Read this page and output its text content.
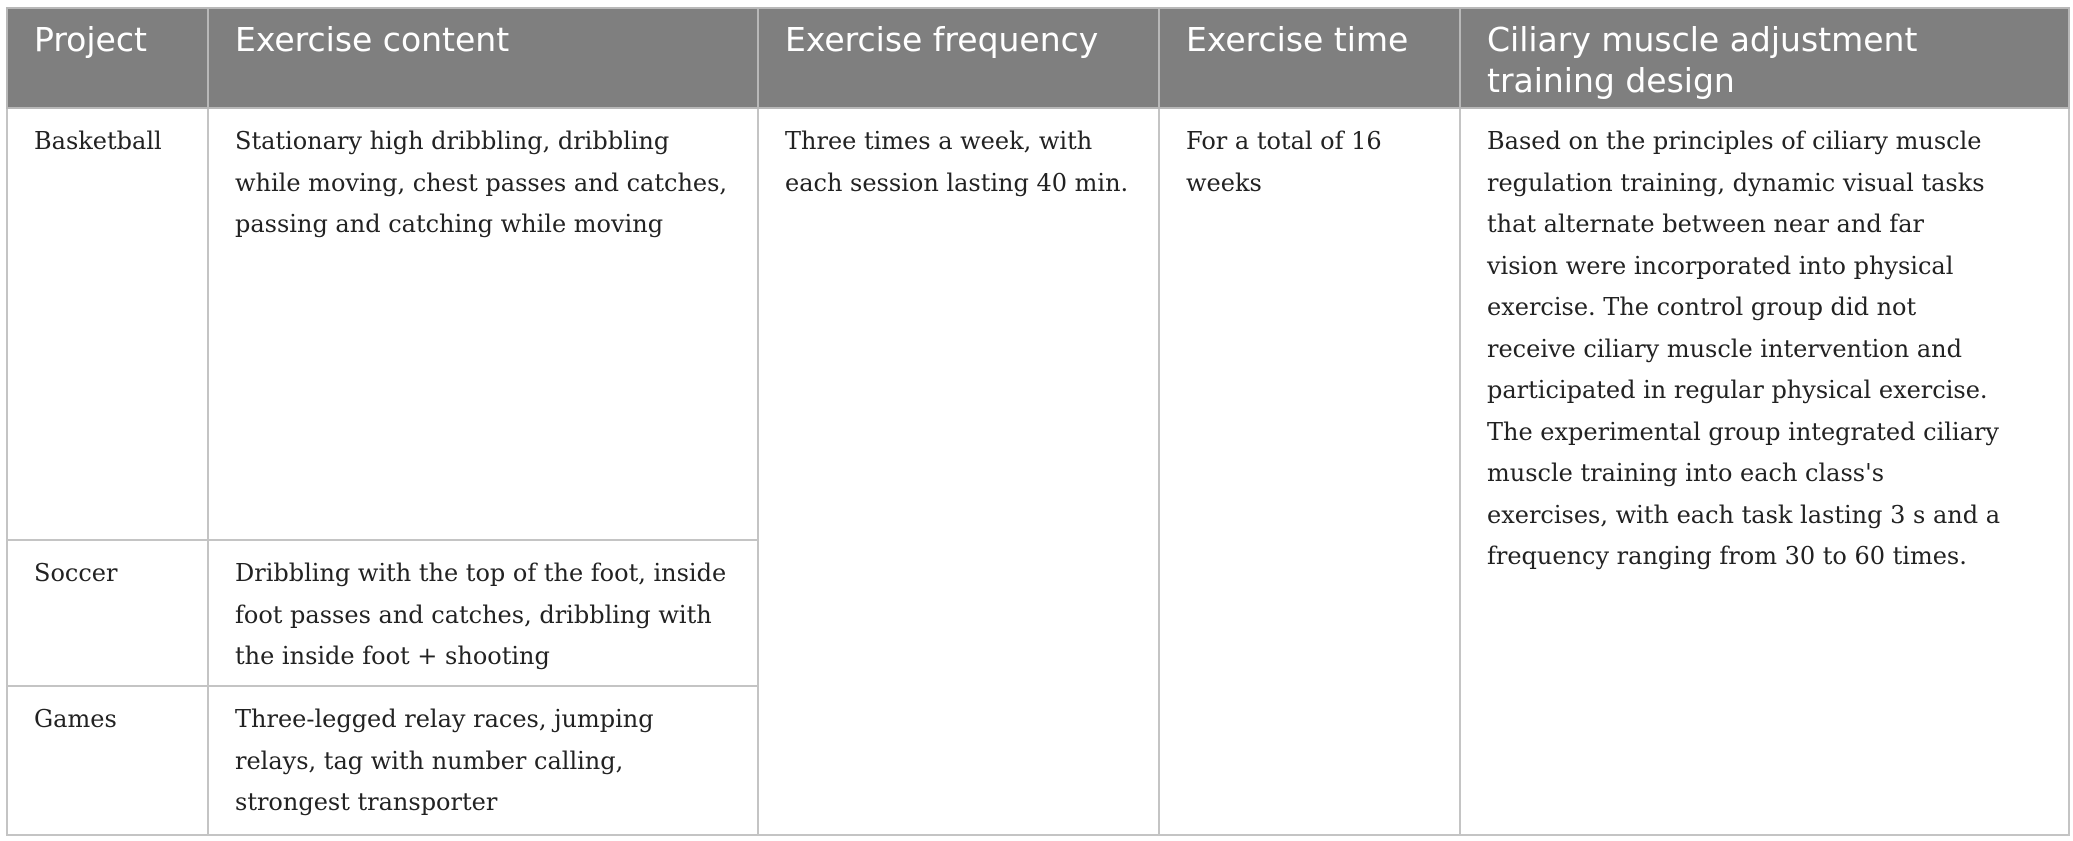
Project	Exercise content	Exercise frequency	Exercise time	Ciliary muscle adjustment training design
Basketball	Stationary high dribbling, dribbling while moving, chest passes and catches, passing and catching while moving	Three times a week, with each session lasting 40 min.	For a total of 16 weeks	Based on the principles of ciliary muscle regulation training, dynamic visual tasks that alternate between near and far vision were incorporated into physical exercise. The control group did not receive ciliary muscle intervention and participated in regular physical exercise. The experimental group integrated ciliary muscle training into each class's exercises, with each task lasting 3 s and a frequency ranging from 30 to 60 times.
Soccer	Dribbling with the top of the foot, inside foot passes and catches, dribbling with the inside foot + shooting			
Games	Three-legged relay races, jumping relays, tag with number calling, strongest transporter			
